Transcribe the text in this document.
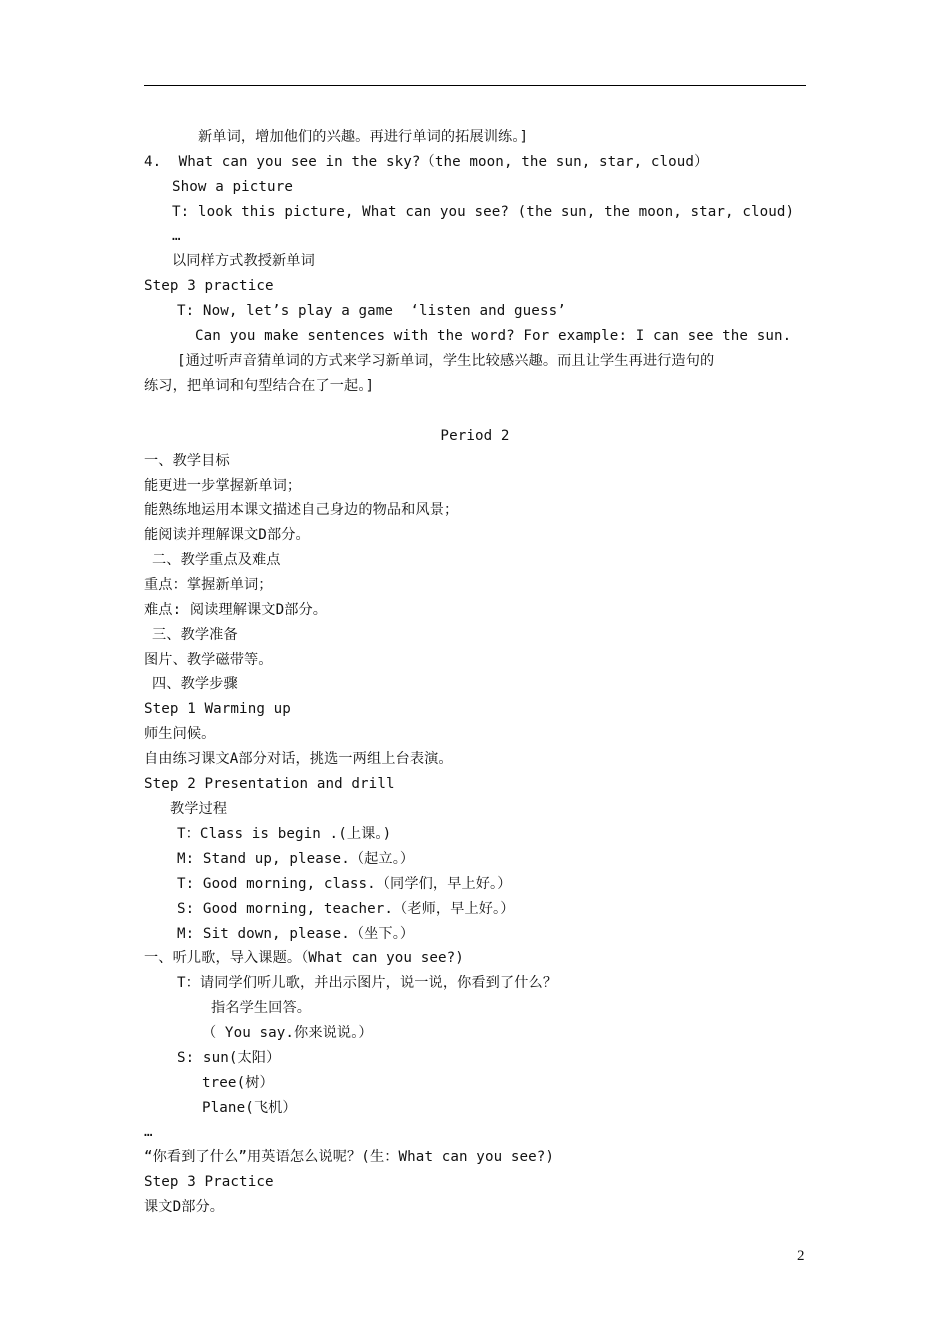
新单词，增加他们的兴趣。再进行单词的拓展训练。]
4.  What can you see in the sky?（the moon, the sun, star, cloud）
Show a picture
T: look this picture, What can you see? (the sun, the moon, star, cloud)
…
以同样方式教授新单词
Step 3 practice
T: Now, let’s play a game  ‘listen and guess’
Can you make sentences with the word? For example: I can see the sun.
[通过听声音猜单词的方式来学习新单词，学生比较感兴趣。而且让学生再进行造句的
练习，把单词和句型结合在了一起。]
Period 2
一、教学目标
能更进一步掌握新单词；
能熟练地运用本课文描述自己身边的物品和风景；
能阅读并理解课文D部分。
二、教学重点及难点
重点：掌握新单词；
难点: 阅读理解课文D部分。
三、教学准备
图片、教学磁带等。
四、教学步骤
Step 1 Warming up
师生问候。
自由练习课文A部分对话，挑选一两组上台表演。
Step 2 Presentation and drill
教学过程
T：Class is begin .(上课。)
M: Stand up, please.（起立。）
T: Good morning, class.（同学们，早上好。）
S: Good morning, teacher.（老师，早上好。）
M: Sit down, please.（坐下。）
一、听儿歌，导入课题。（What can you see?)
T：请同学们听儿歌，并出示图片，说一说，你看到了什么？
指名学生回答。
（ You say.你来说说。）
S: sun(太阳）
tree(树）
Plane(飞机）
…
“你看到了什么”用英语怎么说呢？(生：What can you see?)
Step 3 Practice
课文D部分。
2
